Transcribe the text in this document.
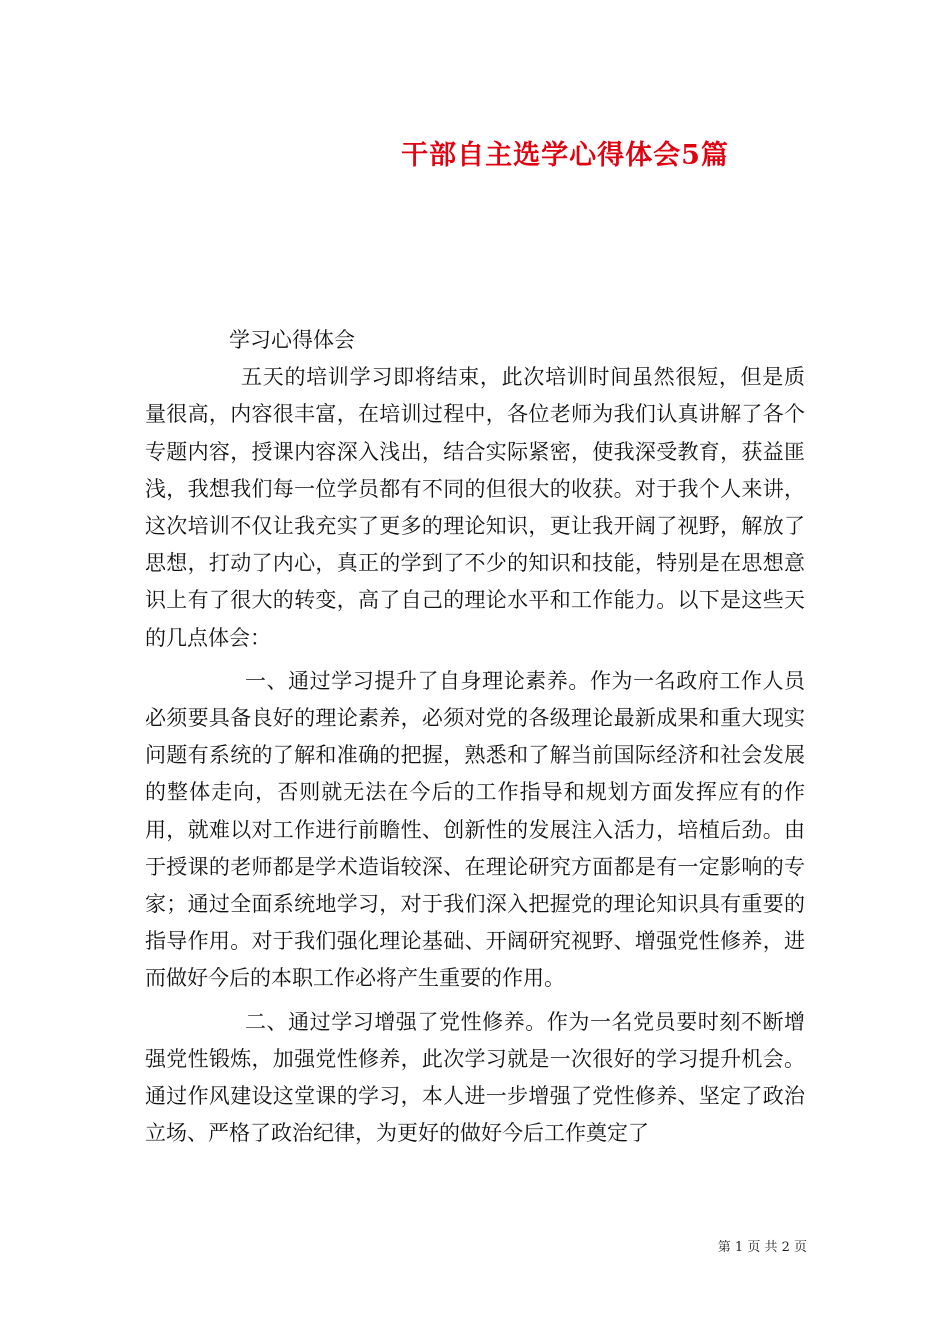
干部自主选学心得体会5篇

学习心得体会

五天的培训学习即将结束，此次培训时间虽然很短，但是质量很高，内容很丰富，在培训过程中，各位老师为我们认真讲解了各个专题内容，授课内容深入浅出，结合实际紧密，使我深受教育，获益匪浅，我想我们每一位学员都有不同的但很大的收获。对于我个人来讲，这次培训不仅让我充实了更多的理论知识，更让我开阔了视野，解放了思想，打动了内心，真正的学到了不少的知识和技能，特别是在思想意识上有了很大的转变，高了自己的理论水平和工作能力。以下是这些天的几点体会：

一、通过学习提升了自身理论素养。作为一名政府工作人员必须要具备良好的理论素养，必须对党的各级理论最新成果和重大现实问题有系统的了解和准确的把握，熟悉和了解当前国际经济和社会发展的整体走向，否则就无法在今后的工作指导和规划方面发挥应有的作用，就难以对工作进行前瞻性、创新性的发展注入活力，培植后劲。由于授课的老师都是学术造诣较深、在理论研究方面都是有一定影响的专家；通过全面系统地学习，对于我们深入把握党的理论知识具有重要的指导作用。对于我们强化理论基础、开阔研究视野、增强党性修养，进而做好今后的本职工作必将产生重要的作用。

二、通过学习增强了党性修养。作为一名党员要时刻不断增强党性锻炼，加强党性修养，此次学习就是一次很好的学习提升机会。通过作风建设这堂课的学习，本人进一步增强了党性修养、坚定了政治立场、严格了政治纪律，为更好的做好今后工作奠定了

第 1 页 共 2 页
